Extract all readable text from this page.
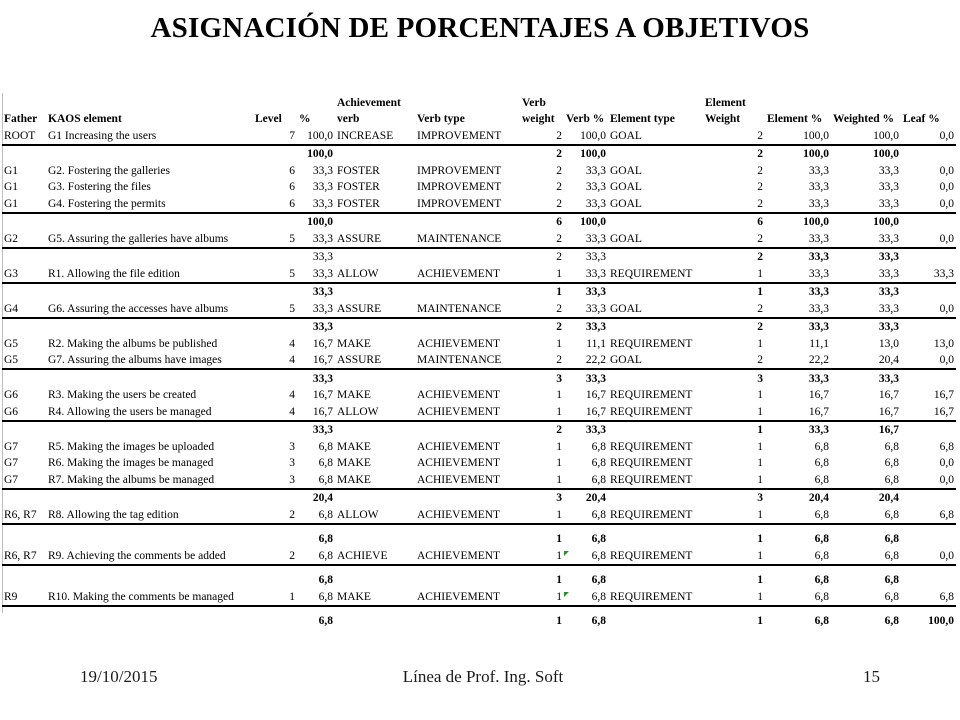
ASIGNACIÓN DE PORCENTAJES A OBJETIVOS
Father	KAOS element	Level	%	Achievement
verb	Verb type	Verb
weight	Verb %	Element type	Element
Weight	Element %	Weighted %	Leaf %
ROOT	G1 Increasing the users	7	100,0	INCREASE	IMPROVEMENT	2	100,0	GOAL	2	100,0	100,0	0,0
			100,0			2	100,0		2	100,0	100,0	
G1	G2. Fostering the galleries	6	33,3	FOSTER	IMPROVEMENT	2	33,3	GOAL	2	33,3	33,3	0,0
G1	G3. Fostering the files	6	33,3	FOSTER	IMPROVEMENT	2	33,3	GOAL	2	33,3	33,3	0,0
G1	G4. Fostering the permits	6	33,3	FOSTER	IMPROVEMENT	2	33,3	GOAL	2	33,3	33,3	0,0
			100,0			6	100,0		6	100,0	100,0	
G2	G5. Assuring the galleries have albums	5	33,3	ASSURE	MAINTENANCE	2	33,3	GOAL	2	33,3	33,3	0,0
			33,3			2	33,3		2	33,3	33,3	
G3	R1. Allowing the file edition	5	33,3	ALLOW	ACHIEVEMENT	1	33,3	REQUIREMENT	1	33,3	33,3	33,3
			33,3			1	33,3		1	33,3	33,3	
G4	G6. Assuring the accesses have albums	5	33,3	ASSURE	MAINTENANCE	2	33,3	GOAL	2	33,3	33,3	0,0
			33,3			2	33,3		2	33,3	33,3	
G5	R2. Making the albums be published	4	16,7	MAKE	ACHIEVEMENT	1	11,1	REQUIREMENT	1	11,1	13,0	13,0
G5	G7. Assuring the albums have images	4	16,7	ASSURE	MAINTENANCE	2	22,2	GOAL	2	22,2	20,4	0,0
			33,3			3	33,3		3	33,3	33,3	
G6	R3. Making the users be created	4	16,7	MAKE	ACHIEVEMENT	1	16,7	REQUIREMENT	1	16,7	16,7	16,7
G6	R4. Allowing the users be managed	4	16,7	ALLOW	ACHIEVEMENT	1	16,7	REQUIREMENT	1	16,7	16,7	16,7
			33,3			2	33,3		1	33,3	16,7	
G7	R5. Making the images be uploaded	3	6,8	MAKE	ACHIEVEMENT	1	6,8	REQUIREMENT	1	6,8	6,8	6,8
G7	R6. Making the images be managed	3	6,8	MAKE	ACHIEVEMENT	1	6,8	REQUIREMENT	1	6,8	6,8	0,0
G7	R7. Making the albums be managed	3	6,8	MAKE	ACHIEVEMENT	1	6,8	REQUIREMENT	1	6,8	6,8	0,0
			20,4			3	20,4		3	20,4	20,4	
R6, R7	R8. Allowing the tag edition	2	6,8	ALLOW	ACHIEVEMENT	1	6,8	REQUIREMENT	1	6,8	6,8	6,8

			6,8			1	6,8		1	6,8	6,8	
R6, R7	R9. Achieving the comments be added	2	6,8	ACHIEVE	ACHIEVEMENT	1	6,8	REQUIREMENT	1	6,8	6,8	0,0

			6,8			1	6,8		1	6,8	6,8	
R9	R10. Making the comments be managed	1	6,8	MAKE	ACHIEVEMENT	1	6,8	REQUIREMENT	1	6,8	6,8	6,8

			6,8			1	6,8		1	6,8	6,8	100,0
19/10/2015	Línea de Prof. Ing. Soft	15
